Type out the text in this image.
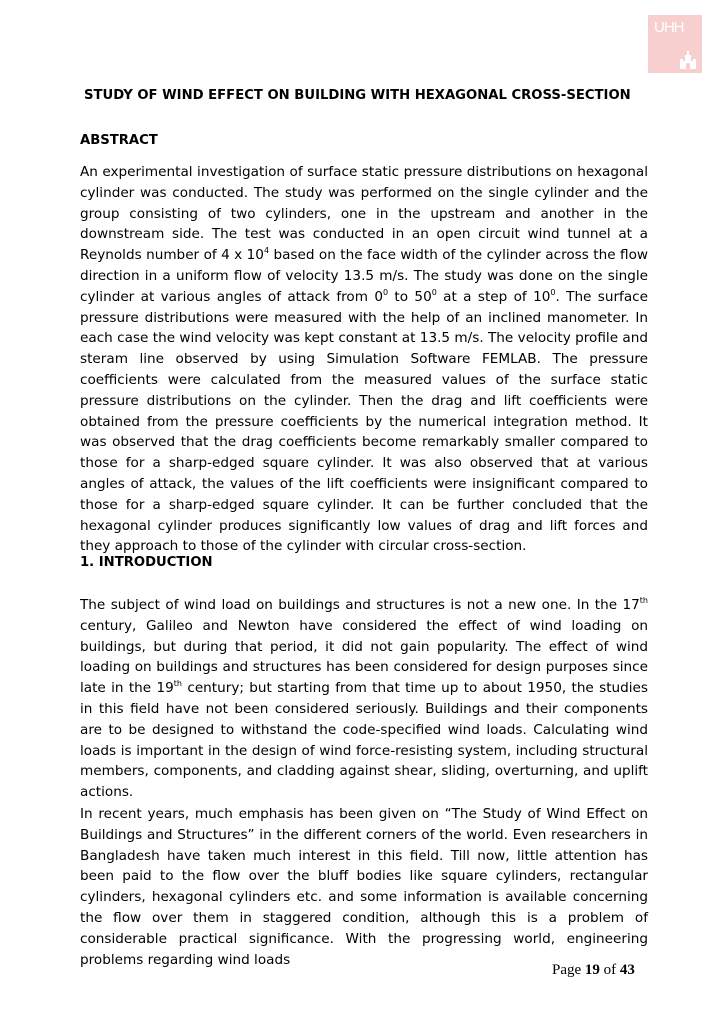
UHH
STUDY OF WIND EFFECT ON BUILDING WITH HEXAGONAL CROSS-SECTION
ABSTRACT
An experimental investigation of surface static pressure distributions on hexagonal cylinder was conducted. The study was performed on the single cylinder and the group consisting of two cylinders, one in the upstream and another in the downstream side. The test was conducted in an open circuit wind tunnel at a Reynolds number of 4 x $10^4$ based on the face width of the cylinder across the flow direction in a uniform flow of velocity 13.5 m/s. The study was done on the single cylinder at various angles of attack from $0^0$ to $50^0$ at a step of $10^0$. The surface pressure distributions were measured with the help of an inclined manometer. In each case the wind velocity was kept constant at 13.5 m/s. The velocity profile and steram line observed by using Simulation Software FEMLAB. The pressure coefficients were calculated from the measured values of the surface static pressure distributions on the cylinder. Then the drag and lift coefficients were obtained from the pressure coefficients by the numerical integration method. It was observed that the drag coefficients become remarkably smaller compared to those for a sharp-edged square cylinder. It was also observed that at various angles of attack, the values of the lift coefficients were insignificant compared to those for a sharp-edged square cylinder. It can be further concluded that the hexagonal cylinder produces significantly low values of drag and lift forces and they approach to those of the cylinder with circular cross-section.
1. INTRODUCTION
The subject of wind load on buildings and structures is not a new one. In the 17th century, Galileo and Newton have considered the effect of wind loading on buildings, but during that period, it did not gain popularity. The effect of wind loading on buildings and structures has been considered for design purposes since late in the 19th century; but starting from that time up to about 1950, the studies in this field have not been considered seriously. Buildings and their components are to be designed to withstand the code-specified wind loads. Calculating wind loads is important in the design of wind force-resisting system, including structural members, components, and cladding against shear, sliding, overturning, and uplift actions.
In recent years, much emphasis has been given on “The Study of Wind Effect on Buildings and Structures” in the different corners of the world. Even researchers in Bangladesh have taken much interest in this field. Till now, little attention has been paid to the flow over the bluff bodies like square cylinders, rectangular cylinders, hexagonal cylinders etc. and some information is available concerning the flow over them in staggered condition, although this is a problem of considerable practical significance. With the progressing world, engineering problems regarding wind loads
Page 19 of 43
